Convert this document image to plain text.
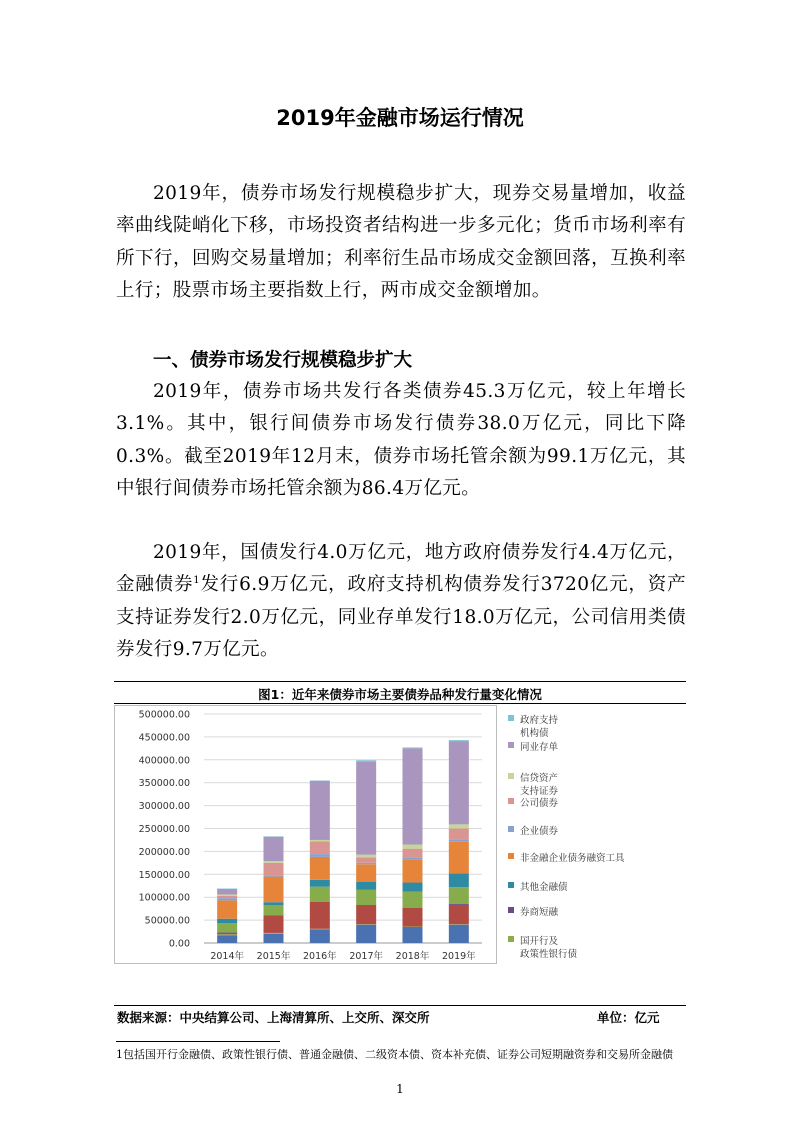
2019年金融市场运行情况

2019年，债券市场发行规模稳步扩大，现券交易量增加，收益率曲线陡峭化下移，市场投资者结构进一步多元化；货币市场利率有所下行，回购交易量增加；利率衍生品市场成交金额回落，互换利率上行；股票市场主要指数上行，两市成交金额增加。

一、债券市场发行规模稳步扩大

2019年，债券市场共发行各类债券45.3万亿元，较上年增长3.1%。其中，银行间债券市场发行债券38.0万亿元，同比下降0.3%。截至2019年12月末，债券市场托管余额为99.1万亿元，其中银行间债券市场托管余额为86.4万亿元。

2019年，国债发行4.0万亿元，地方政府债券发行4.4万亿元，金融债券$^1$发行6.9万亿元，政府支持机构债券发行3720亿元，资产支持证券发行2.0万亿元，同业存单发行18.0万亿元，公司信用类债券发行9.7万亿元。

图1：近年来债券市场主要债券品种发行量变化情况
0.00
50000.00
100000.00
150000.00
200000.00
250000.00
300000.00
350000.00
400000.00
450000.00
500000.00
2014年 2015年 2016年 2017年 2018年 2019年
政府支持
机构债
同业存单
信贷资产
支持证券
公司债券
企业债券
非金融企业债务融资工具
其他金融债
券商短融
国开行及
政策性银行债
数据来源：中央结算公司、上海清算所、上交所、深交所	单位：亿元

1包括国开行金融债、政策性银行债、普通金融债、二级资本债、资本补充债、证券公司短期融资券和交易所金融债

1
